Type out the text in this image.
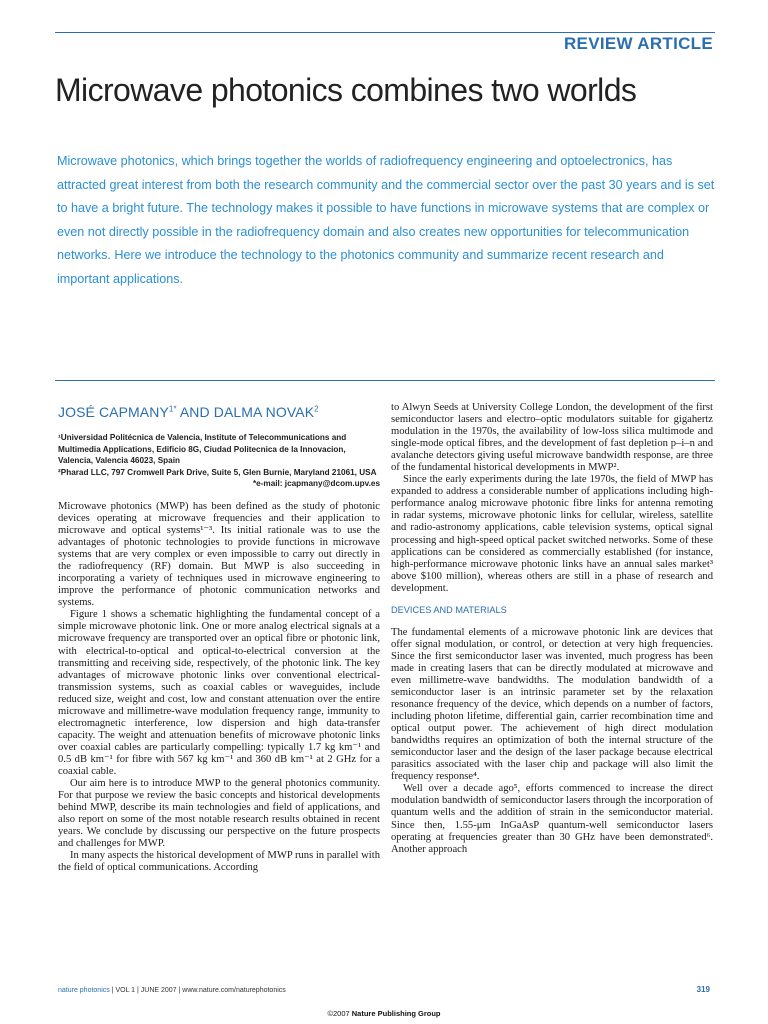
REVIEW ARTICLE
Microwave photonics combines two worlds

Microwave photonics, which brings together the worlds of radiofrequency engineering and optoelectronics, has attracted great interest from both the research community and the commercial sector over the past 30 years and is set to have a bright future. The technology makes it possible to have functions in microwave systems that are complex or even not directly possible in the radiofrequency domain and also creates new opportunities for telecommunication networks. Here we introduce the technology to the photonics community and summarize recent research and important applications.

JOSÉ $CAPMANY^{1*}$ AND DALMA NOVAK$^2$

¹Universidad Politécnica de Valencia, Institute of Telecommunications and Multimedia Applications, Edificio 8G, Ciudad Politecnica de la Innovacion, Valencia, Valencia 46023, Spain

²Pharad LLC, 797 Cromwell Park Drive, Suite 5, Glen Burnie, Maryland 21061, USA

*e-mail: jcapmany@dcom.upv.es

Microwave photonics (MWP) has been defined as the study of photonic devices operating at microwave frequencies and their application to microwave and optical systems¹⁻³. Its initial rationale was to use the advantages of photonic technologies to provide functions in microwave systems that are very complex or even impossible to carry out directly in the radiofrequency (RF) domain. But MWP is also succeeding in incorporating a variety of techniques used in microwave engineering to improve the performance of photonic communication networks and systems.

Figure 1 shows a schematic highlighting the fundamental concept of a simple microwave photonic link. One or more analog electrical signals at a microwave frequency are transported over an optical fibre or photonic link, with electrical-to-optical and optical-to-electrical conversion at the transmitting and receiving side, respectively, of the photonic link. The key advantages of microwave photonic links over conventional electrical-transmission systems, such as coaxial cables or waveguides, include reduced size, weight and cost, low and constant attenuation over the entire microwave and millimetre-wave modulation frequency range, immunity to electromagnetic interference, low dispersion and high data-transfer capacity. The weight and attenuation benefits of microwave photonic links over coaxial cables are particularly compelling: typically 1.7 kg km⁻¹ and 0.5 dB km⁻¹ for fibre with 567 kg km⁻¹ and 360 dB km⁻¹ at 2 GHz for a coaxial cable.

Our aim here is to introduce MWP to the general photonics community. For that purpose we review the basic concepts and historical developments behind MWP, describe its main technologies and field of applications, and also report on some of the most notable research results obtained in recent years. We conclude by discussing our perspective on the future prospects and challenges for MWP.

In many aspects the historical development of MWP runs in parallel with the field of optical communications. According

to Alwyn Seeds at University College London, the development of the first semiconductor lasers and electro–optic modulators suitable for gigahertz modulation in the 1970s, the availability of low-loss silica multimode and single-mode optical fibres, and the development of fast depletion p–i–n and avalanche detectors giving useful microwave bandwidth response, are three of the fundamental historical developments in MWP².

Since the early experiments during the late 1970s, the field of MWP has expanded to address a considerable number of applications including high-performance analog microwave photonic fibre links for antenna remoting in radar systems, microwave photonic links for cellular, wireless, satellite and radio-astronomy applications, cable television systems, optical signal processing and high-speed optical packet switched networks. Some of these applications can be considered as commercially established (for instance, high-performance microwave photonic links have an annual sales market³ above $100 million), whereas others are still in a phase of research and development.

DEVICES AND MATERIALS

The fundamental elements of a microwave photonic link are devices that offer signal modulation, or control, or detection at very high frequencies. Since the first semiconductor laser was invented, much progress has been made in creating lasers that can be directly modulated at microwave and even millimetre-wave bandwidths. The modulation bandwidth of a semiconductor laser is an intrinsic parameter set by the relaxation resonance frequency of the device, which depends on a number of factors, including photon lifetime, differential gain, carrier recombination time and optical output power. The achievement of high direct modulation bandwidths requires an optimization of both the internal structure of the semiconductor laser and the design of the laser package because electrical parasitics associated with the laser chip and package will also limit the frequency response⁴.

Well over a decade ago⁵, efforts commenced to increase the direct modulation bandwidth of semiconductor lasers through the incorporation of quantum wells and the addition of strain in the semiconductor material. Since then, 1.55-μm InGaAsP quantum-well semiconductor lasers operating at frequencies greater than 30 GHz have been demonstrated⁶. Another approach

nature photonics | VOL 1 | JUNE 2007 | www.nature.com/naturephotonics	319
©2007 Nature Publishing Group
